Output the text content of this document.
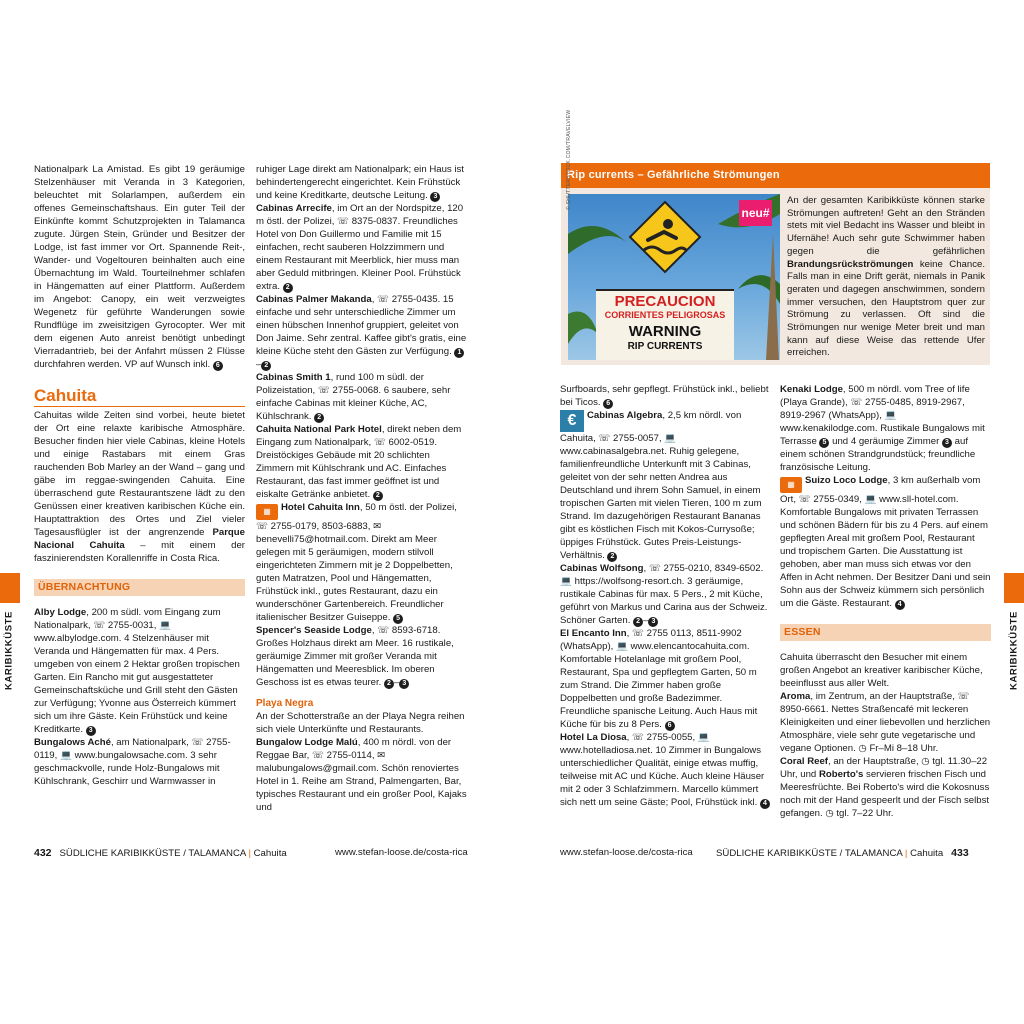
Nationalpark La Amistad. Es gibt 19 geräumige Stelzenhäuser mit Veranda in 3 Kategorien, beleuchtet mit Solarlampen, außerdem ein offenes Gemeinschaftshaus. Ein guter Teil der Einkünfte kommt Schutzprojekten in Talamanca zugute. Jürgen Stein, Gründer und Besitzer der Lodge, ist fast immer vor Ort. Spannende Reit-, Wander- und Vogeltouren beinhalten auch eine Übernachtung im Wald. Tourteilnehmer schlafen in Hängematten auf einer Plattform. Außerdem im Angebot: Canopy, ein weit verzweigtes Wegenetz für geführte Wanderungen sowie Rundflüge im zweisitzigen Gyrocopter. Wer mit dem eigenen Auto anreist benötigt unbedingt Vierradantrieb, bei der Anfahrt müssen 2 Flüsse durchfahren werden. VP auf Wunsch inkl. 6

Cahuita

Cahuitas wilde Zeiten sind vorbei, heute bietet der Ort eine relaxte karibische Atmosphäre. Besucher finden hier viele Cabinas, kleine Hotels und einige Rastabars mit einem Gras rauchenden Bob Marley an der Wand – gang und gäbe im reggae-swingenden Cahuita. Eine überraschend gute Restaurantszene lädt zu den Genüssen einer kreativen karibischen Küche ein. Hauptattraktion des Ortes und Ziel vieler Tagesausflügler ist der angrenzende Parque Nacional Cahuita – mit einem der faszinierendsten Korallenriffe in Costa Rica.

ÜBERNACHTUNG

Alby Lodge, 200 m südl. vom Eingang zum Nationalpark, ☏ 2755-0031, 💻 www.albylodge.com. 4 Stelzenhäuser mit Veranda und Hängematten für max. 4 Pers. umgeben von einem 2 Hektar großen tropischen Garten. Ein Rancho mit gut ausgestatteter Gemeinschaftsküche und Grill steht den Gästen zur Verfügung; Yvonne aus Österreich kümmert sich um ihre Gäste. Kein Frühstück und keine Kreditkarte. 3

Bungalows Aché, am Nationalpark, ☏ 2755-0119, 💻 www.bungalowsache.com. 3 sehr geschmackvolle, runde Holz-Bungalows mit Kühlschrank, Geschirr und Warmwasser in

ruhiger Lage direkt am Nationalpark; ein Haus ist behindertengerecht eingerichtet. Kein Frühstück und keine Kreditkarte, deutsche Leitung. 3

Cabinas Arrecife, im Ort an der Nordspitze, 120 m östl. der Polizei, ☏ 8375-0837. Freundliches Hotel von Don Guillermo und Familie mit 15 einfachen, recht sauberen Holzzimmern und einem Restaurant mit Meerblick, hier muss man aber Geduld mitbringen. Kleiner Pool. Frühstück extra. 2

Cabinas Palmer Makanda, ☏ 2755-0435. 15 einfache und sehr unterschiedliche Zimmer um einen hübschen Innenhof gruppiert, geleitet von Don Jaime. Sehr zentral. Kaffee gibt's gratis, eine kleine Küche steht den Gästen zur Verfügung. 1– 2

Cabinas Smith 1, rund 100 m südl. der Polizeistation, ☏ 2755-0068. 6 saubere, sehr einfache Cabinas mit kleiner Küche, AC, Kühlschrank. 2

Cahuita National Park Hotel, direkt neben dem Eingang zum Nationalpark, ☏ 6002-0519. Dreistöckiges Gebäude mit 20 schlichten Zimmern mit Kühlschrank und AC. Einfaches Restaurant, das fast immer geöffnet ist und eiskalte Getränke anbietet. 2

▦ Hotel Cahuita Inn, 50 m östl. der Polizei, ☏ 2755-0179, 8503-6883, ✉ benevelli75@hotmail.com. Direkt am Meer gelegen mit 5 geräumigen, modern stilvoll eingerichteten Zimmern mit je 2 Doppelbetten, guten Matratzen, Pool und Hängematten, Frühstück inkl., gutes Restaurant, dazu ein wunderschöner Gartenbereich. Freundlicher italienischer Besitzer Guiseppe. 5

Spencer's Seaside Lodge, ☏ 8593-6718. Großes Holzhaus direkt am Meer. 16 rustikale, geräumige Zimmer mit großer Veranda mit Hängematten und Meeresblick. Im oberen Geschoss ist es etwas teurer. 2 – 3

Playa Negra

An der Schotterstraße an der Playa Negra reihen sich viele Unterkünfte und Restaurants.

Bungalow Lodge Malú, 400 m nördl. von der Reggae Bar, ☏ 2755-0114, ✉ malubungalows@gmail.com. Schön renoviertes Hotel in 1. Reihe am Strand, Palmengarten, Bar, typisches Restaurant und ein großer Pool, Kajaks und

KARIBIKKÜSTE
432 SÜDLICHE KARIBIKKÜSTE / TALAMANCA | Cahuita	www.stefan-loose.de/costa-rica

Surfboards, sehr gepflegt. Frühstück inkl., beliebt bei Ticos. 6

€ Cabinas Algebra, 2,5 km nördl. von Cahuita, ☏ 2755-0057, 💻 www.cabinasalgebra.net. Ruhig gelegene, familienfreundliche Unterkunft mit 3 Cabinas, geleitet von der sehr netten Andrea aus Deutschland und ihrem Sohn Samuel, in einem tropischen Garten mit vielen Tieren, 100 m zum Strand. Im dazugehörigen Restaurant Bananas gibt es köstlichen Fisch mit Kokos-Currysoße; üppiges Frühstück. Gutes Preis-Leistungs-Verhältnis. 2

Cabinas Wolfsong, ☏ 2755-0210, 8349-6502. 💻 https://wolfsong-resort.ch. 3 geräumige, rustikale Cabinas für max. 5 Pers., 2 mit Küche, geführt von Markus und Carina aus der Schweiz. Schöner Garten. 2 – 3

El Encanto Inn, ☏ 2755 0113, 8511-9902 (WhatsApp), 💻 www.elencantocahuita.com. Komfortable Hotelanlage mit großem Pool, Restaurant, Spa und gepflegtem Garten, 50 m zum Strand. Die Zimmer haben große Doppelbetten und große Badezimmer. Freundliche spanische Leitung. Auch Haus mit Küche für bis zu 8 Pers. 6

Hotel La Diosa, ☏ 2755-0055, 💻 www.hotelladiosa.net. 10 Zimmer in Bungalows unterschiedlicher Qualität, einige etwas muffig, teilweise mit AC und Küche. Auch kleine Häuser mit 2 oder 3 Schlafzimmern. Marcello kümmert sich nett um seine Gäste; Pool, Frühstück inkl. 4

Kenaki Lodge, 500 m nördl. vom Tree of life (Playa Grande), ☏ 2755-0485, 8919-2967, 8919-2967 (WhatsApp), 💻 www.kenakilodge.com. Rustikale Bungalows mit Terrasse 5 und 4 geräumige Zimmer 3 auf einem schönen Strandgrundstück; freundliche französische Leitung.

▦ Suizo Loco Lodge, 3 km außerhalb vom Ort, ☏ 2755-0349, 💻 www.sll-hotel.com. Komfortable Bungalows mit privaten Terrassen und schönen Bädern für bis zu 4 Pers. auf einem gepflegten Areal mit großem Pool, Restaurant und tropischem Garten. Die Ausstattung ist gehoben, aber man muss sich etwas vor den Affen in Acht nehmen. Der Besitzer Dani und sein Sohn aus der Schweiz kümmern sich persönlich um die Gäste. Restaurant. 4

ESSEN

Cahuita überrascht den Besucher mit einem großen Angebot an kreativer karibischer Küche, beeinflusst aus aller Welt.

Aroma, im Zentrum, an der Hauptstraße, ☏ 8950-6661. Nettes Straßencafé mit leckeren Kleinigkeiten und einer liebevollen und herzlichen Atmosphäre, viele sehr gute vegetarische und vegane Optionen. ◷ Fr–Mi 8–18 Uhr.

Coral Reef, an der Hauptstraße, ◷ tgl. 11.30–22 Uhr, und Roberto's servieren frischen Fisch und Meeresfrüchte. Bei Roberto's wird die Kokosnuss noch mit der Hand gespeerlt und der Fisch selbst gefangen. ◷ tgl. 7–22 Uhr.

KARIBIKKÜSTE
www.stefan-loose.de/costa-rica SÜDLICHE KARIBIKKÜSTE / TALAMANCA | Cahuita 433
Rip currents – Gefährliche Strömungen
PRECAUCION
CORRIENTES PELIGROSAS
WARNING
RIP CURRENTS
neu#
An der gesamten Karibikküste können starke Strömungen auftreten! Geht an den Stränden stets mit viel Bedacht ins Wasser und bleibt in Ufernähe! Auch sehr gute Schwimmer haben gegen die gefährlichen Brandungsrückströmungen keine Chance. Falls man in eine Drift gerät, niemals in Panik geraten und dagegen anschwimmen, sondern immer versuchen, den Hauptstrom quer zur Strömung zu verlassen. Oft sind die Strömungen nur wenige Meter breit und man kann auf diese Weise das rettende Ufer erreichen.
© SHUTTERSTOCK.COM/TRAVELVIEW
